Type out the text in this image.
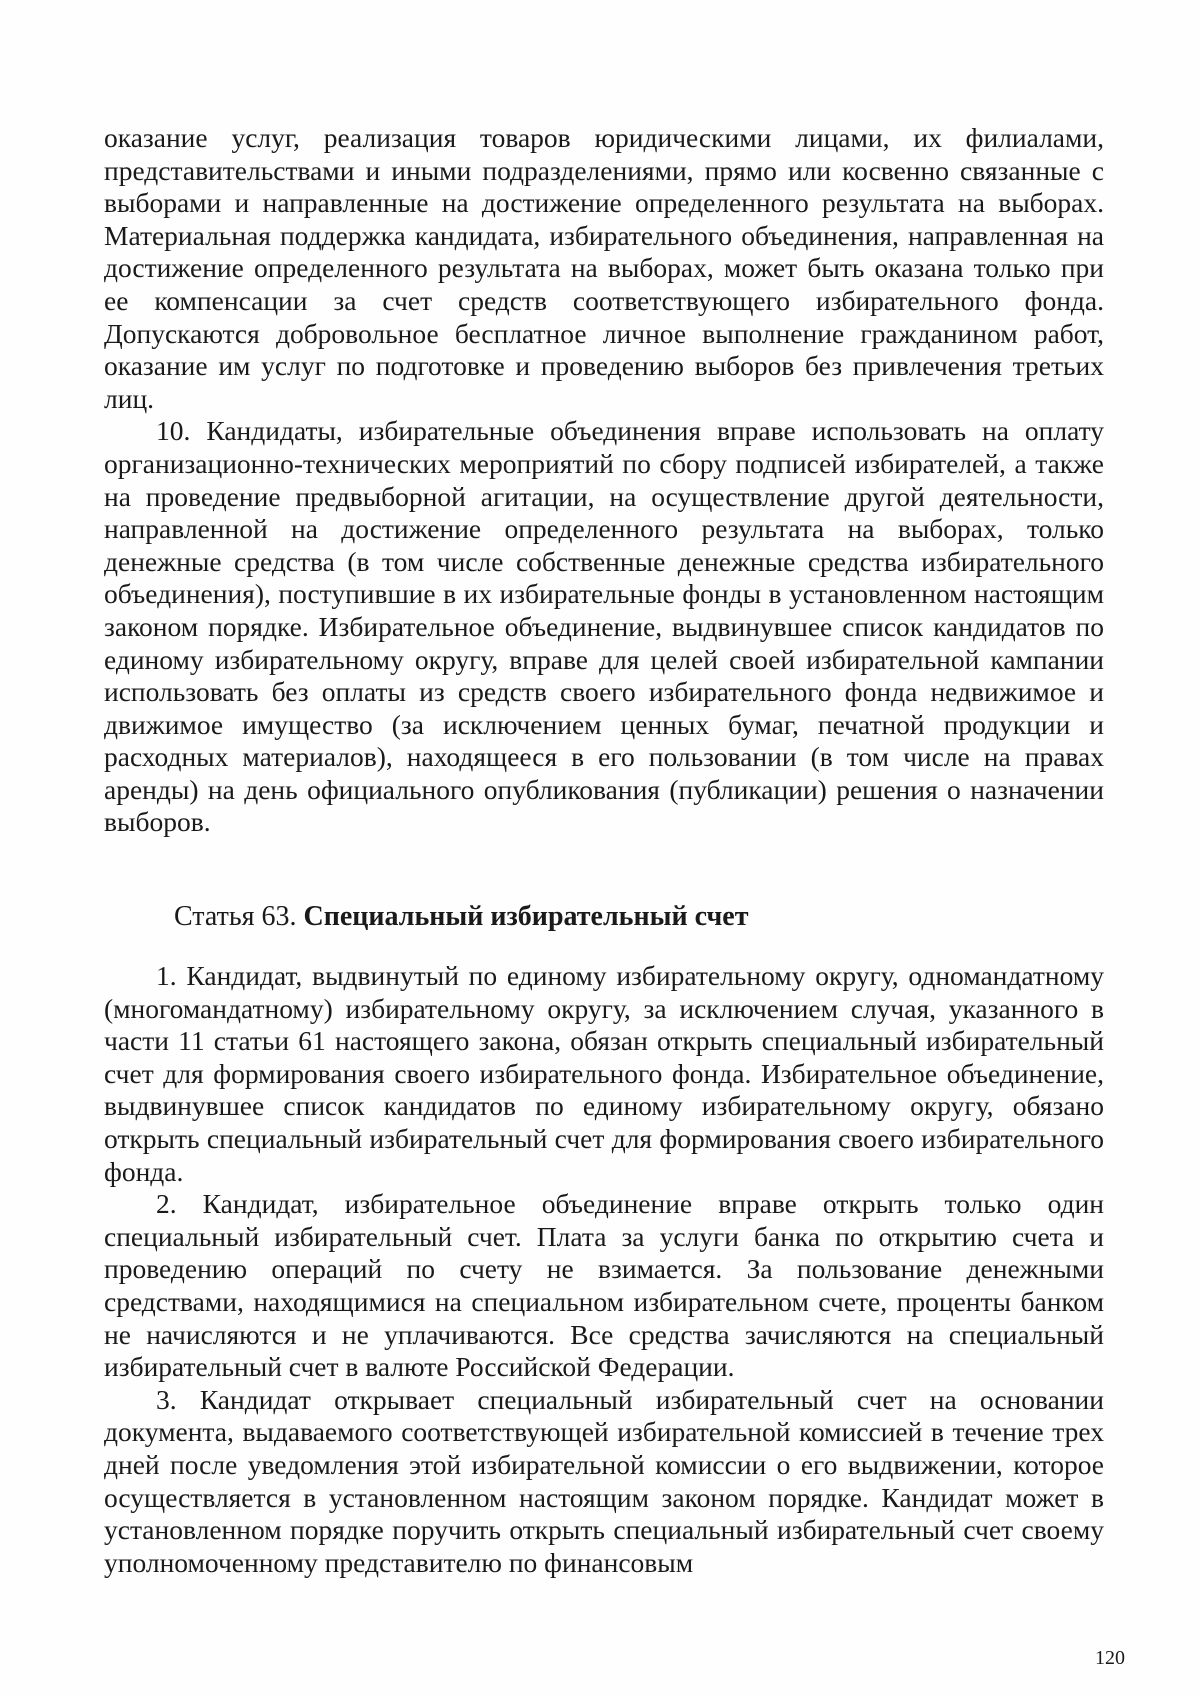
оказание услуг, реализация товаров юридическими лицами, их филиалами, представительствами и иными подразделениями, прямо или косвенно связанные с выборами и направленные на достижение определенного результата на выборах. Материальная поддержка кандидата, избирательного объединения, направленная на достижение определенного результата на выборах, может быть оказана только при ее компенсации за счет средств соответствующего избирательного фонда. Допускаются добровольное бесплатное личное выполнение гражданином работ, оказание им услуг по подготовке и проведению выборов без привлечения третьих лиц.

10. Кандидаты, избирательные объединения вправе использовать на оплату организационно-технических мероприятий по сбору подписей избирателей, а также на проведение предвыборной агитации, на осуществление другой деятельности, направленной на достижение определенного результата на выборах, только денежные средства (в том числе собственные денежные средства избирательного объединения), поступившие в их избирательные фонды в установленном настоящим законом порядке. Избирательное объединение, выдвинувшее список кандидатов по единому избирательному округу, вправе для целей своей избирательной кампании использовать без оплаты из средств своего избирательного фонда недвижимое и движимое имущество (за исключением ценных бумаг, печатной продукции и расходных материалов), находящееся в его пользовании (в том числе на правах аренды) на день официального опубликования (публикации) решения о назначении выборов.

Статья 63. Специальный избирательный счет

1. Кандидат, выдвинутый по единому избирательному округу, одномандатному (многомандатному) избирательному округу, за исключением случая, указанного в части 11 статьи 61 настоящего закона, обязан открыть специальный избирательный счет для формирования своего избирательного фонда. Избирательное объединение, выдвинувшее список кандидатов по единому избирательному округу, обязано открыть специальный избирательный счет для формирования своего избирательного фонда.

2. Кандидат, избирательное объединение вправе открыть только один специальный избирательный счет. Плата за услуги банка по открытию счета и проведению операций по счету не взимается. За пользование денежными средствами, находящимися на специальном избирательном счете, проценты банком не начисляются и не уплачиваются. Все средства зачисляются на специальный избирательный счет в валюте Российской Федерации.

3. Кандидат открывает специальный избирательный счет на основании документа, выдаваемого соответствующей избирательной комиссией в течение трех дней после уведомления этой избирательной комиссии о его выдвижении, которое осуществляется в установленном настоящим законом порядке. Кандидат может в установленном порядке поручить открыть специальный избирательный счет своему уполномоченному представителю по финансовым

120
